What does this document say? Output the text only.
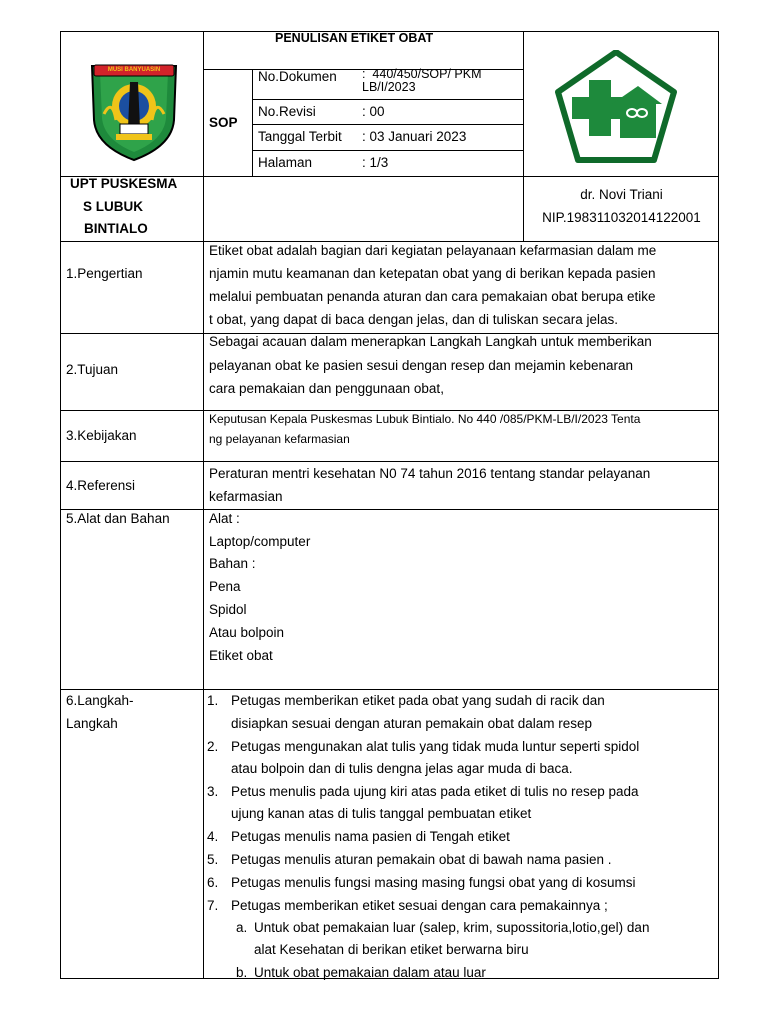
MUSI BANYUASIN
PENULISAN ETIKET OBAT
SOP
No.Dokumen :  440/450/SOP/ PKM
LB/I/2023
No.Revisi	: 00
Tanggal Terbit : 03 Januari 2023
Halaman	: 1/3
UPT PUSKESMA
S LUBUK
BINTIALO
dr. Novi Triani
NIP.198311032014122001
1.Pengertian
Etiket obat adalah bagian dari kegiatan pelayanaan kefarmasian dalam me
njamin mutu keamanan dan ketepatan obat yang di berikan kepada pasien
melalui pembuatan penanda aturan dan cara pemakaian obat berupa etike
t obat, yang dapat di baca dengan jelas, dan di tuliskan secara jelas.
2.Tujuan
Sebagai acauan dalam menerapkan Langkah Langkah untuk memberikan
pelayanan obat ke pasien sesui dengan resep dan mejamin kebenaran
cara pemakaian dan penggunaan obat,
3.Kebijakan
Keputusan Kepala Puskesmas Lubuk Bintialo. No 440 /085/PKM-LB/I/2023 Tenta
ng pelayanan kefarmasian
4.Referensi
Peraturan mentri kesehatan N0 74 tahun 2016 tentang standar pelayanan
kefarmasian
5.Alat dan Bahan	Alat :
Laptop/computer
Bahan :
Pena
Spidol
Atau bolpoin
Etiket obat
6.Langkah-
Langkah
1. Petugas memberikan etiket pada obat yang sudah di racik dan
disiapkan sesuai dengan aturan pemakain obat dalam resep
2. Petugas mengunakan alat tulis yang tidak muda luntur seperti spidol
atau bolpoin dan di tulis dengna jelas agar muda di baca.
3. Petus menulis pada ujung kiri atas pada etiket di tulis no resep pada
ujung kanan atas di tulis tanggal pembuatan etiket
4. Petugas menulis nama pasien di Tengah etiket
5. Petugas menulis aturan pemakain obat di bawah nama pasien .
6. Petugas menulis fungsi masing masing fungsi obat yang di kosumsi
7. Petugas memberikan etiket sesuai dengan cara pemakainnya ;
a. Untuk obat pemakaian luar (salep, krim, supossitoria,lotio,gel) dan
alat Kesehatan di berikan etiket berwarna biru
b. Untuk obat pemakaian dalam atau luar
